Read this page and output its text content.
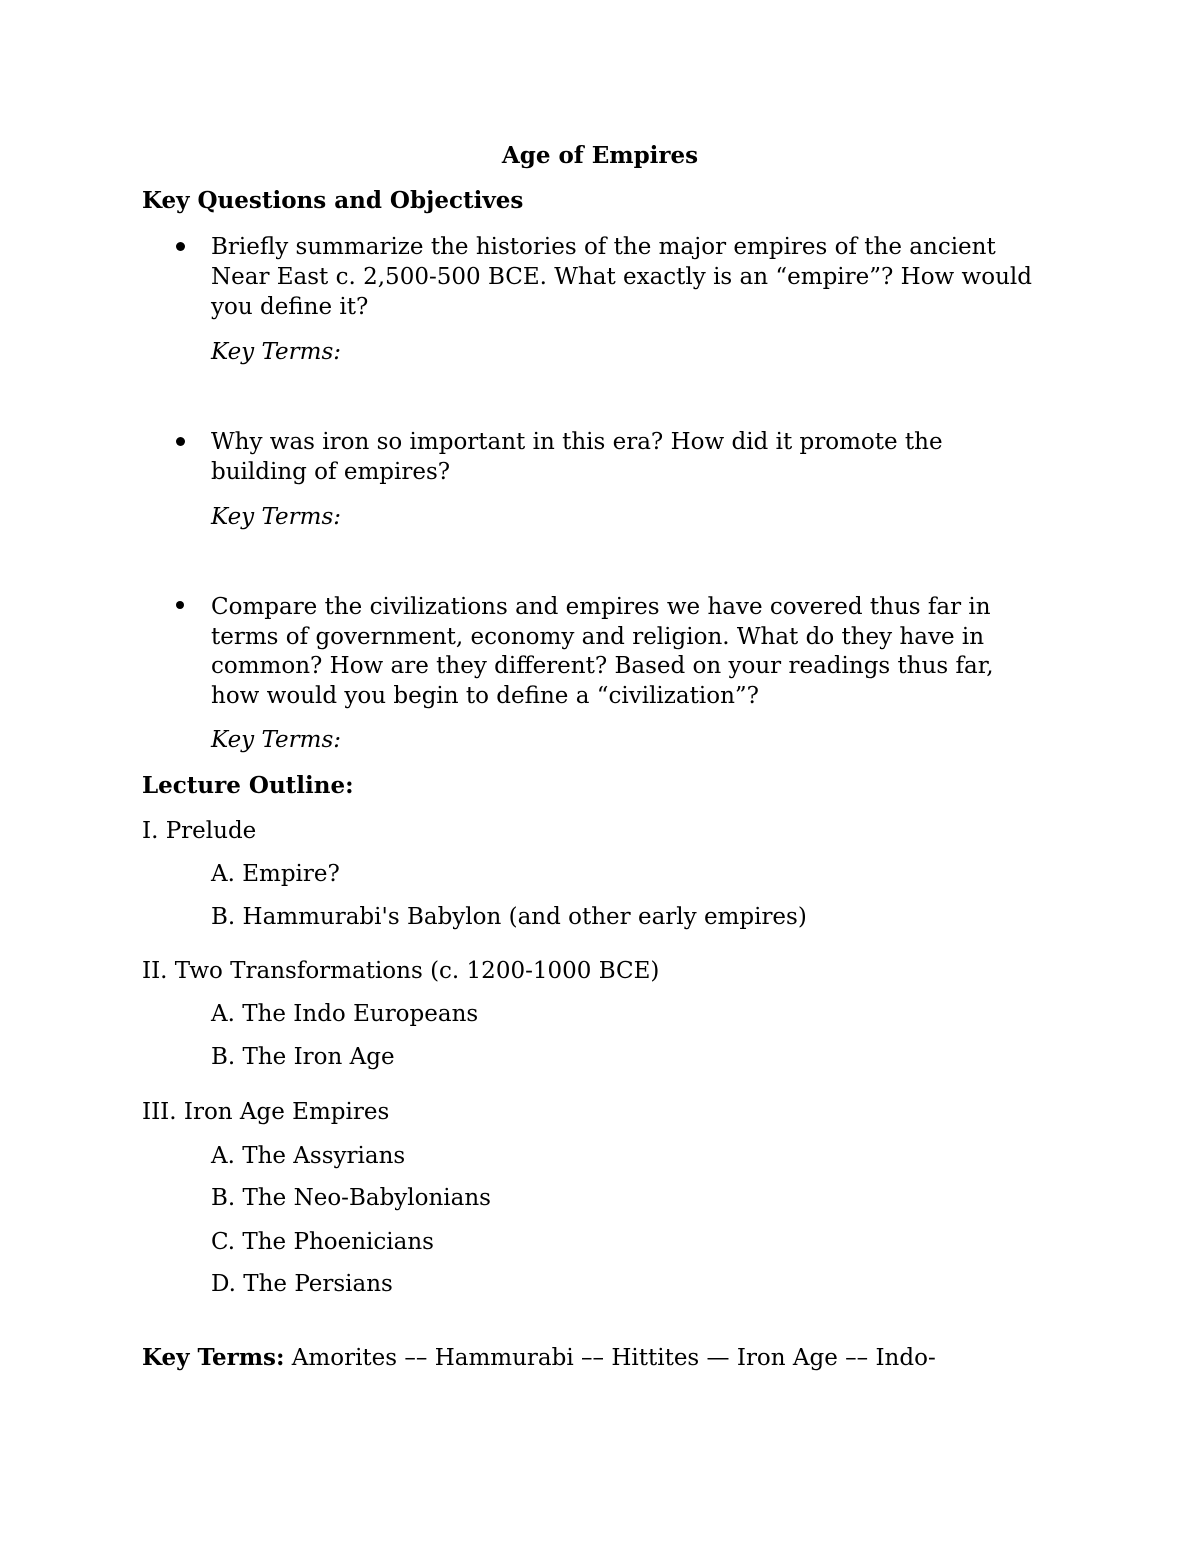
Age of Empires
Key Questions and Objectives
Briefly summarize the histories of the major empires of the ancient
Near East c. 2,500-500 BCE. What exactly is an “empire”? How would
you define it?
Key Terms:
Why was iron so important in this era? How did it promote the
building of empires?
Key Terms:
Compare the civilizations and empires we have covered thus far in
terms of government, economy and religion. What do they have in
common? How are they different? Based on your readings thus far,
how would you begin to define a “civilization”?
Key Terms:
Lecture Outline:
I. Prelude
A. Empire?
B. Hammurabi's Babylon (and other early empires)
II. Two Transformations (c. 1200-1000 BCE)
A. The Indo Europeans
B. The Iron Age
III. Iron Age Empires
A. The Assyrians
B. The Neo-Babylonians
C. The Phoenicians
D. The Persians
Key Terms: Amorites –– Hammurabi –– Hittites — Iron Age –– Indo-
